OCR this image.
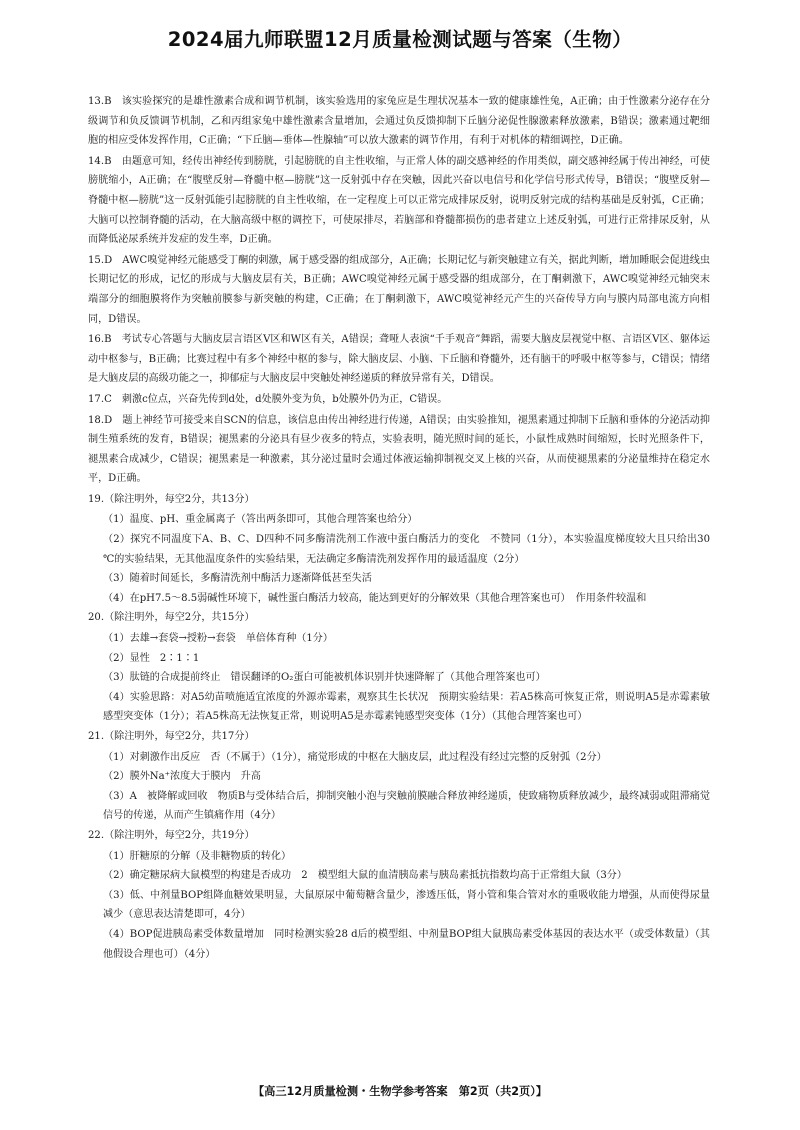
2024届九师联盟12月质量检测试题与答案（生物）
13.B　 该实验探究的是雄性激素合成和调节机制，该实验选用的家兔应是生理状况基本一致的健康雄性兔，A正确；由于性激素分泌存在分级调节和负反馈调节机制，乙和丙组家兔中雄性激素含量增加，会通过负反馈抑制下丘脑分泌促性腺激素释放激素，B错误；激素通过靶细胞的相应受体发挥作用，C正确；“下丘脑—垂体—性腺轴”可以放大激素的调节作用，有利于对机体的精细调控，D正确。
14.B　 由题意可知，经传出神经传到膀胱，引起膀胱的自主性收缩，与正常人体的副交感神经的作用类似，副交感神经属于传出神经，可使膀胱缩小，A正确；在“腹壁反射—脊髓中枢—膀胱”这一反射弧中存在突触，因此兴奋以电信号和化学信号形式传导，B错误；“腹壁反射—脊髓中枢—膀胱”这一反射弧能引起膀胱的自主性收缩，在一定程度上可以正常完成排尿反射，说明反射完成的结构基础是反射弧，C正确；大脑可以控制脊髓的活动，在大脑高级中枢的调控下，可使尿排尽，若脑部和脊髓都损伤的患者建立上述反射弧，可进行正常排尿反射，从而降低泌尿系统并发症的发生率，D正确。
15.D　 AWC嗅觉神经元能感受丁酮的刺激，属于感受器的组成部分，A正确；长期记忆与新突触建立有关，据此判断，增加睡眠会促进线虫长期记忆的形成，记忆的形成与大脑皮层有关，B正确；AWC嗅觉神经元属于感受器的组成部分，在丁酮刺激下，AWC嗅觉神经元轴突末端部分的细胞膜将作为突触前膜参与新突触的构建，C正确；在丁酮刺激下，AWC嗅觉神经元产生的兴奋传导方向与膜内局部电流方向相同，D错误。
16.B　 考试专心答题与大脑皮层言语区V区和W区有关，A错误；聋哑人表演“千手观音”舞蹈，需要大脑皮层视觉中枢、言语区V区、躯体运动中枢参与，B正确；比赛过程中有多个神经中枢的参与，除大脑皮层、小脑、下丘脑和脊髓外，还有脑干的呼吸中枢等参与，C错误；情绪是大脑皮层的高级功能之一，抑郁症与大脑皮层中突触处神经递质的释放异常有关，D错误。
17.C　 刺激c位点，兴奋先传到d处，d处膜外变为负，b处膜外仍为正，C错误。
18.D　 题上神经节可接受来自SCN的信息，该信息由传出神经进行传递，A错误；由实验推知，褪黑素通过抑制下丘脑和垂体的分泌活动抑制生殖系统的发育，B错误；褪黑素的分泌具有昼少夜多的特点，实验表明，随光照时间的延长，小鼠性成熟时间缩短，长时光照条件下，褪黑素合成减少，C错误；褪黑素是一种激素，其分泌过量时会通过体液运输抑制视交叉上核的兴奋，从而使褪黑素的分泌量维持在稳定水平，D正确。
19.（除注明外，每空2分，共13分）
（1）温度、pH、重金属离子（答出两条即可，其他合理答案也给分）
（2）探究不同温度下A、B、C、D四种不同多酶清洗剂工作液中蛋白酶活力的变化　不赞同（1分），本实验温度梯度较大且只给出30 ℃的实验结果，无其他温度条件的实验结果，无法确定多酶清洗剂发挥作用的最适温度（2分）
（3）随着时间延长，多酶清洗剂中酶活力逐渐降低甚至失活
（4）在pH7.5～8.5弱碱性环境下，碱性蛋白酶活力较高，能达到更好的分解效果（其他合理答案也可）　作用条件较温和
20.（除注明外，每空2分，共15分）
（1）去雄→套袋→授粉→套袋　单倍体育种（1分）
（2）显性　2∶1∶1
（3）肽链的合成提前终止　错误翻译的O₂蛋白可能被机体识别并快速降解了（其他合理答案也可）
（4）实验思路：对A5幼苗喷施适宜浓度的外源赤霉素，观察其生长状况　预期实验结果：若A5株高可恢复正常，则说明A5是赤霉素敏感型突变体（1分）；若A5株高无法恢复正常，则说明A5是赤霉素钝感型突变体（1分）（其他合理答案也可）
21.（除注明外，每空2分，共17分）
（1）对刺激作出反应　否（不属于）（1分），痛觉形成的中枢在大脑皮层，此过程没有经过完整的反射弧（2分）
（2）膜外Na⁺浓度大于膜内　升高
（3）A　被降解或回收　物质B与受体结合后，抑制突触小泡与突触前膜融合释放神经递质，使致痛物质释放减少，最终减弱或阻滞痛觉信号的传递，从而产生镇痛作用（4分）
22.（除注明外，每空2分，共19分）
（1）肝糖原的分解（及非糖物质的转化）
（2）确定糖尿病大鼠模型的构建是否成功　2　模型组大鼠的血清胰岛素与胰岛素抵抗指数均高于正常组大鼠（3分）
（3）低、中剂量BOP组降血糖效果明显，大鼠原尿中葡萄糖含量少，渗透压低，肾小管和集合管对水的重吸收能力增强，从而使得尿量减少（意思表达清楚即可，4分）
（4）BOP促进胰岛素受体数量增加　同时检测实验28 d后的模型组、中剂量BOP组大鼠胰岛素受体基因的表达水平（或受体数量）（其他假设合理也可）（4分）
【高三12月质量检测・生物学参考答案　第2页（共2页）】
